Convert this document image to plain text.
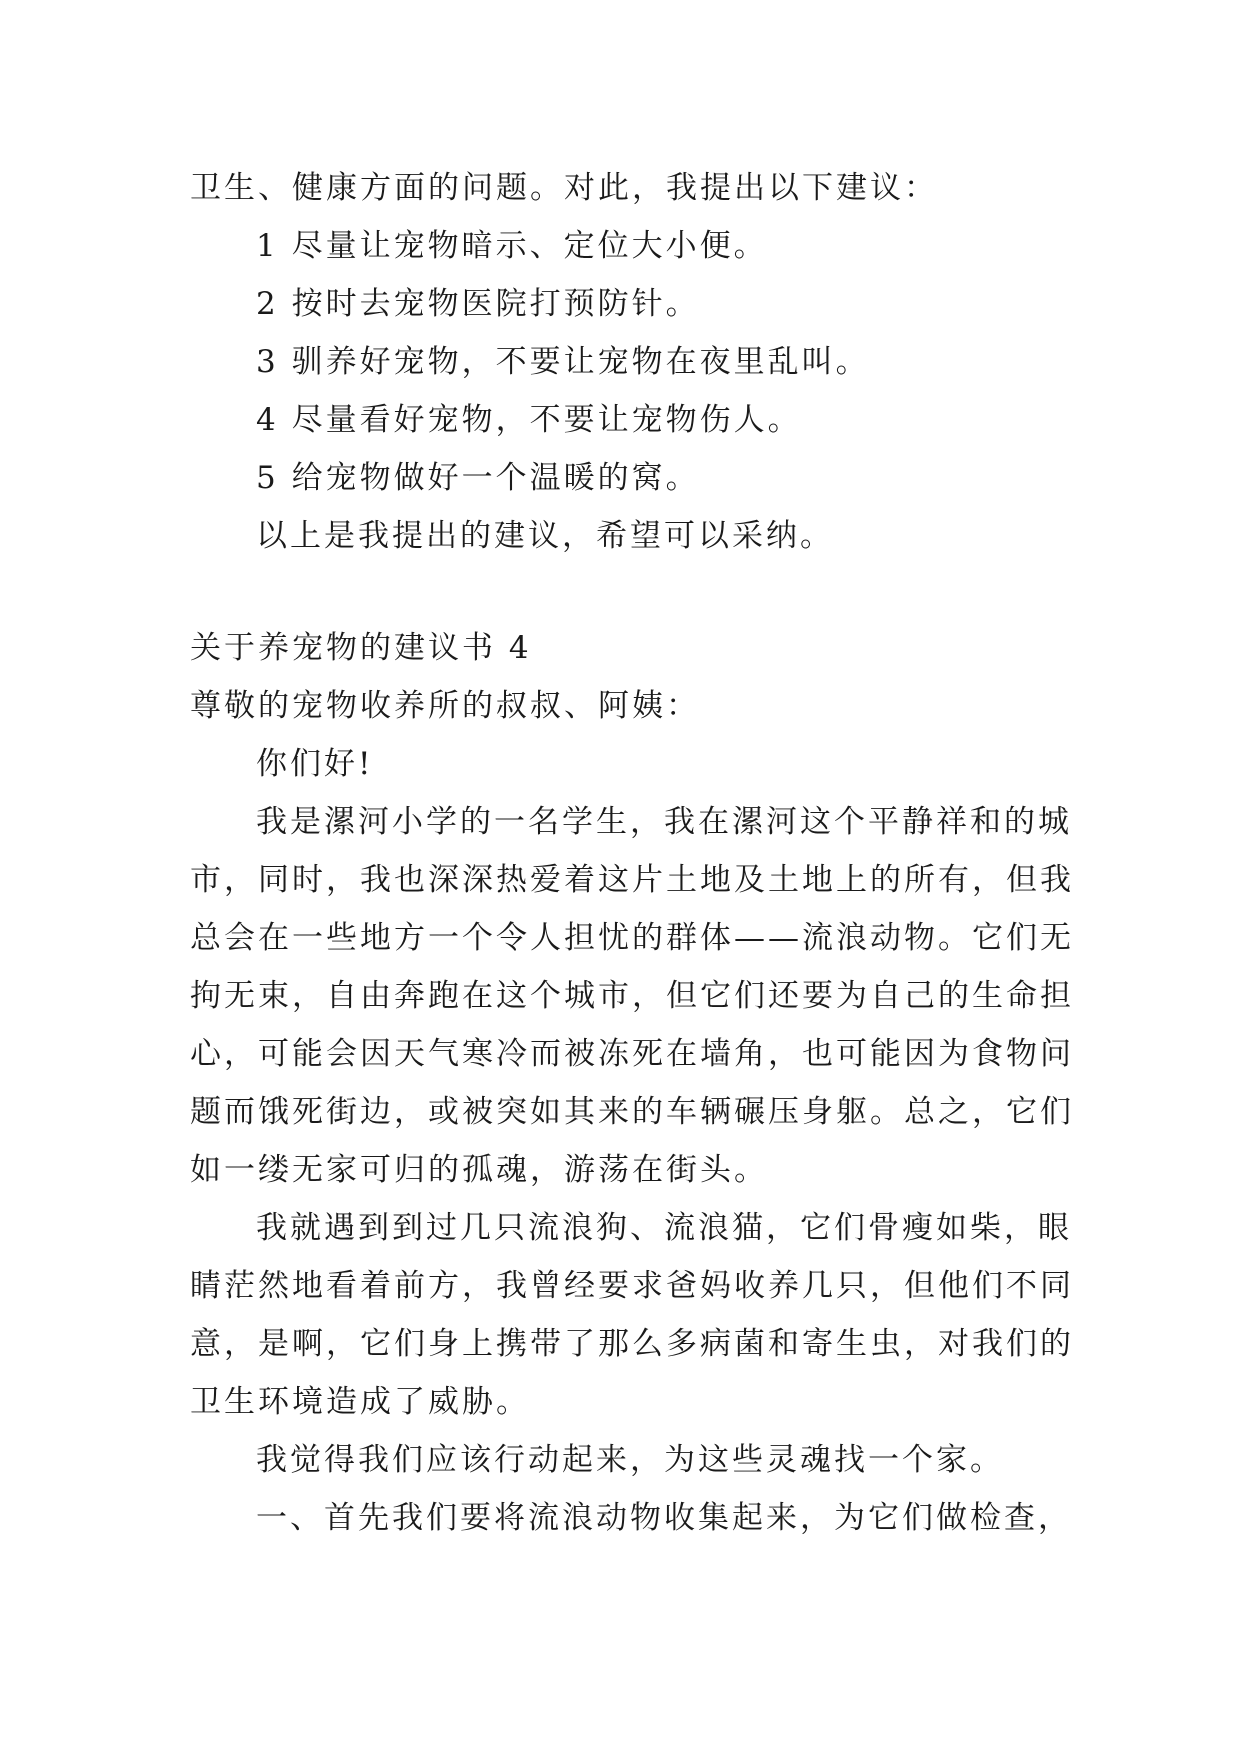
卫生、健康方面的问题。对此，我提出以下建议：
1 尽量让宠物暗示、定位大小便。
2 按时去宠物医院打预防针。
3 驯养好宠物，不要让宠物在夜里乱叫。
4 尽量看好宠物，不要让宠物伤人。
5 给宠物做好一个温暖的窝。
以上是我提出的建议，希望可以采纳。
关于养宠物的建议书 4
尊敬的宠物收养所的叔叔、阿姨：
你们好!
我是漯河小学的一名学生，我在漯河这个平静祥和的城
市，同时，我也深深热爱着这片土地及土地上的所有，但我
总会在一些地方一个令人担忧的群体——流浪动物。它们无
拘无束，自由奔跑在这个城市，但它们还要为自己的生命担
心，可能会因天气寒冷而被冻死在墙角，也可能因为食物问
题而饿死街边，或被突如其来的车辆碾压身躯。总之，它们
如一缕无家可归的孤魂，游荡在街头。
我就遇到到过几只流浪狗、流浪猫，它们骨瘦如柴，眼
睛茫然地看着前方，我曾经要求爸妈收养几只，但他们不同
意，是啊，它们身上携带了那么多病菌和寄生虫，对我们的
卫生环境造成了威胁。
我觉得我们应该行动起来，为这些灵魂找一个家。
一、首先我们要将流浪动物收集起来，为它们做检查，
